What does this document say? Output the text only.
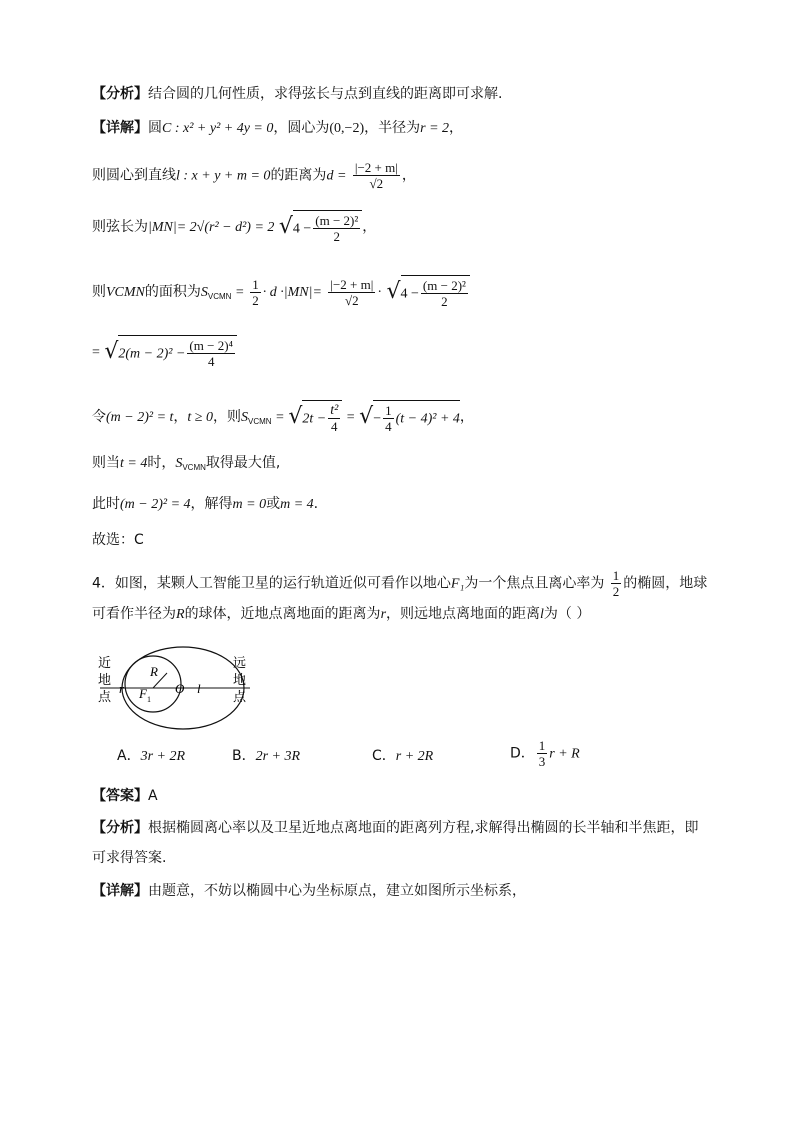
【分析】结合圆的几何性质，求得弦长与点到直线的距离即可求解.
【详解】圆C : x² + y² + 4y = 0，圆心为(0,−2)，半径为r = 2，
则圆心到直线l : x + y + m = 0的距离为$d = \frac{|-2 + m|}{√2}$ ，
则弦长为|MN|= 2√(r² − d²) = 2 $√4 - \frac{\text{(m − 2)²}}{2}$ ，
则VCMN的面积为$S_{VCMN} = \frac{1}{2} \cdot d \cdot|MN|= \frac{|-2 + m|}{√2} \cdot √4 - \frac{\text{(m − 2)²}}{2}$
= $√2(m - 2)^2 - \frac{\text{(m − 2)⁴}}{4}$
令(m − 2)² = t，t ≥ 0，则$S_{VCMN} = √2t - \frac{\text{t²}}{4}$ = √− $\frac{1}{4} (t - 4)^2 + 4$，
则当t = 4时，$S_{VCMN}$取得最大值,
此时(m − 2)² = 4，解得m = 0或m = 4.
故选：C
4．如图，某颗人工智能卫星的运行轨道近似可看作以地心F₁为一个焦点且离心率为 $\frac{1}{2}$ 的椭圆，地球
可看作半径为R的球体，近地点离地面的距离为r，则远地点离地面的距离l为（ ）
近
地
点
远
地
点
R
r F 1
O l
A．3r + 2R	B．2r + 3R	C．r + 2R	D． $\frac{1}{3}$ r + R
【答案】A
【分析】根据椭圆离心率以及卫星近地点离地面的距离列方程,求解得出椭圆的长半轴和半焦距，即
可求得答案.
【详解】由题意，不妨以椭圆中心为坐标原点，建立如图所示坐标系，
